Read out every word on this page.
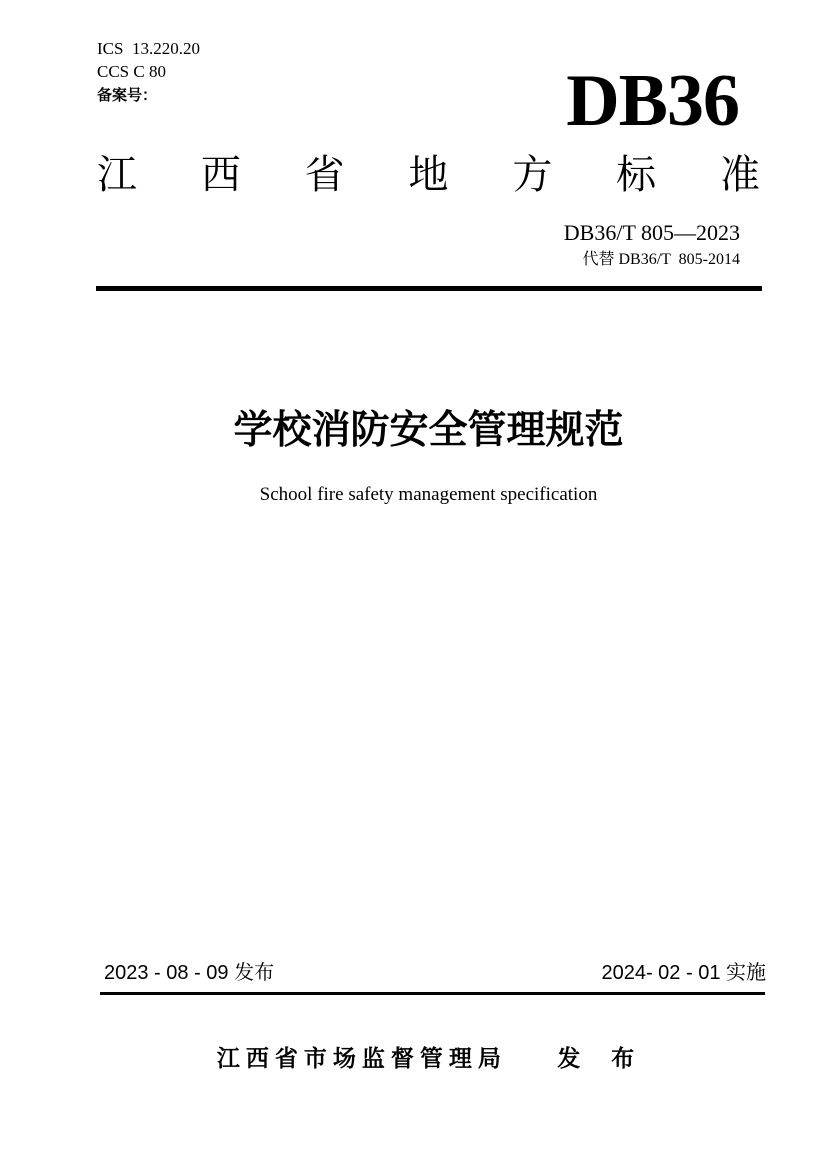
ICS  13.220.20
CCS C 80
备案号：	DB36
江 西 省 地 方 标 准
DB36/T 805—2023
代替 DB36/T  805-2014
学校消防安全管理规范
School fire safety management specification
2023 - 08 - 09 发布	2024- 02 - 01 实施
江西省市场监督管理局 发  布
